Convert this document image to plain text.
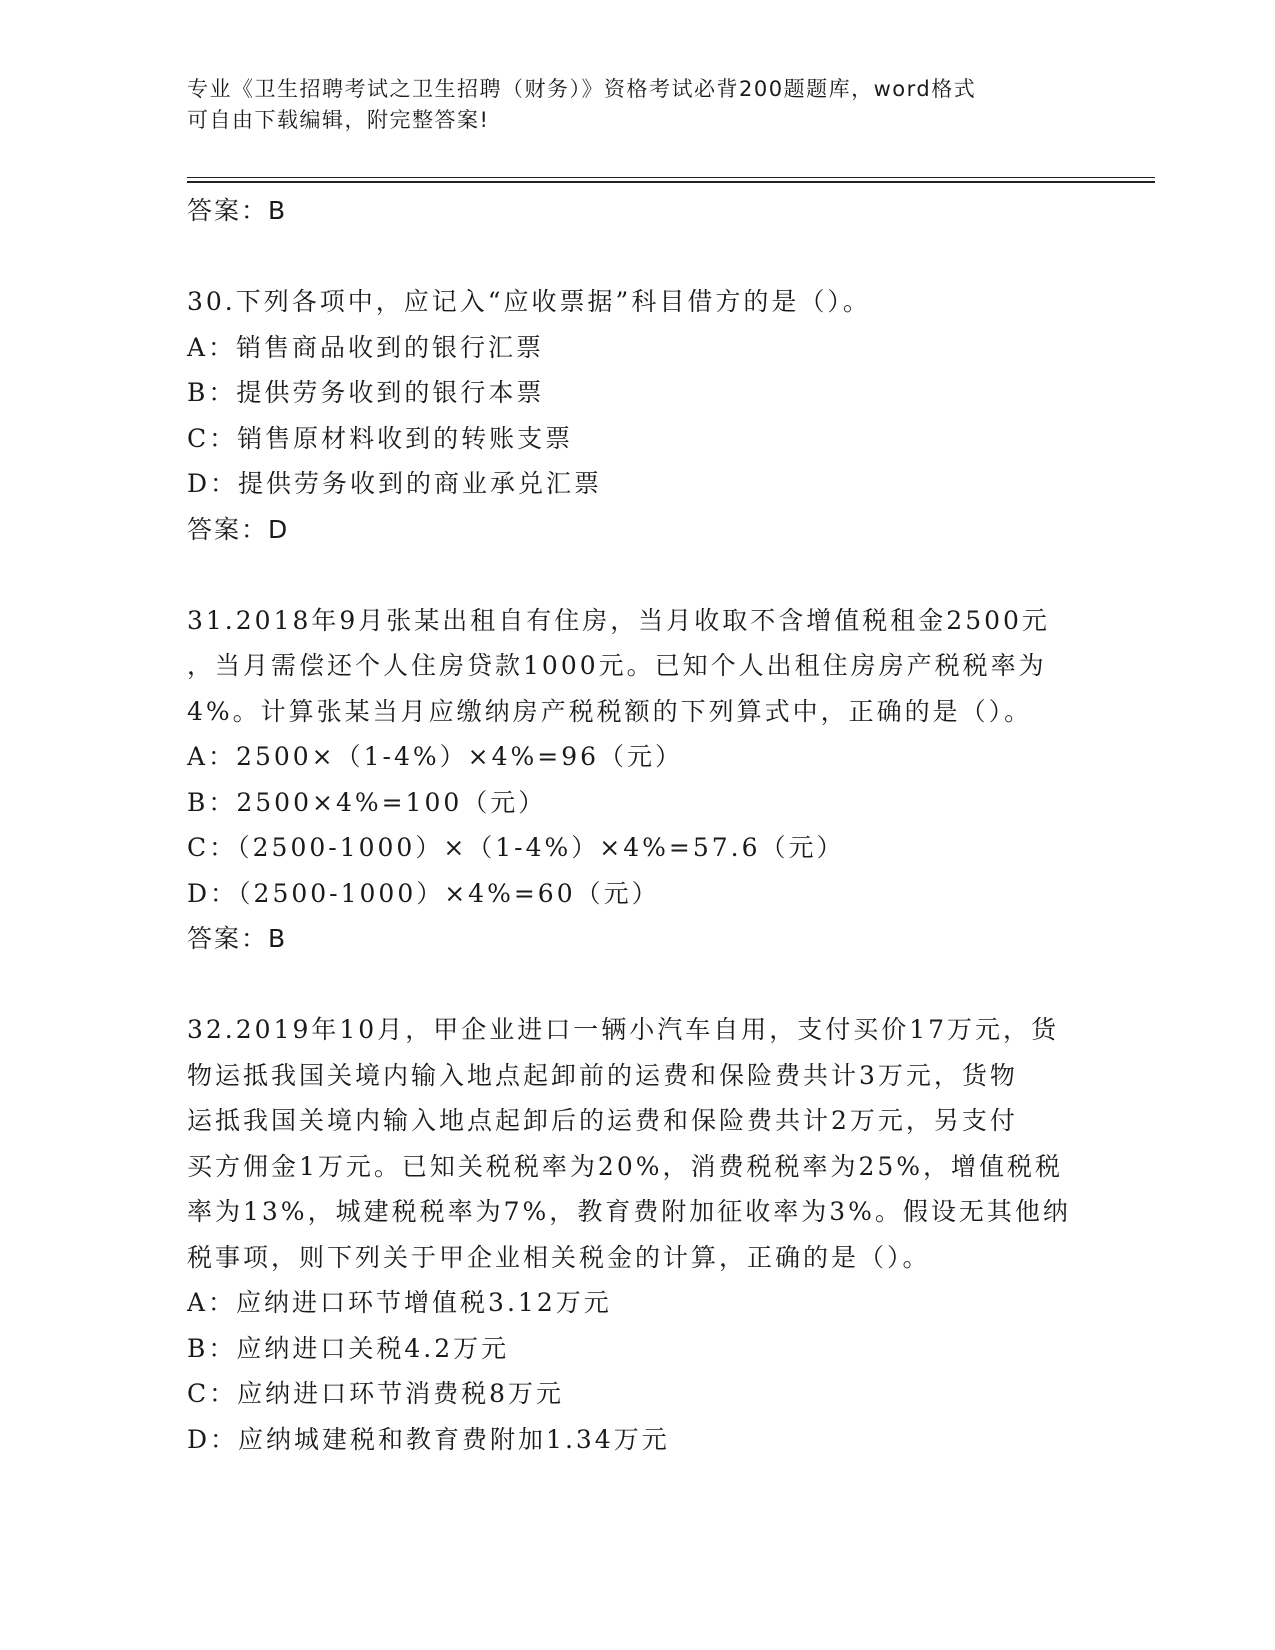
专业《卫生招聘考试之卫生招聘（财务）》资格考试必背200题题库，word格式
可自由下载编辑，附完整答案!
答案：B
30.下列各项中，应记入“应收票据”科目借方的是（）。
A：销售商品收到的银行汇票
B：提供劳务收到的银行本票
C：销售原材料收到的转账支票
D：提供劳务收到的商业承兑汇票
答案：D
31.2018年9月张某出租自有住房，当月收取不含增值税租金2500元
，当月需偿还个人住房贷款1000元。已知个人出租住房房产税税率为
4%。计算张某当月应缴纳房产税税额的下列算式中，正确的是（）。
A：2500×（1-4%）×4%=96（元）
B：2500×4%=100（元）
C：（2500-1000）×（1-4%）×4%=57.6（元）
D：（2500-1000）×4%=60（元）
答案：B
32.2019年10月，甲企业进口一辆小汽车自用，支付买价17万元，货
物运抵我国关境内输入地点起卸前的运费和保险费共计3万元，货物
运抵我国关境内输入地点起卸后的运费和保险费共计2万元，另支付
买方佣金1万元。已知关税税率为20%，消费税税率为25%，增值税税
率为13%，城建税税率为7%，教育费附加征收率为3%。假设无其他纳
税事项，则下列关于甲企业相关税金的计算，正确的是（）。
A：应纳进口环节增值税3.12万元
B：应纳进口关税4.2万元
C：应纳进口环节消费税8万元
D：应纳城建税和教育费附加1.34万元
